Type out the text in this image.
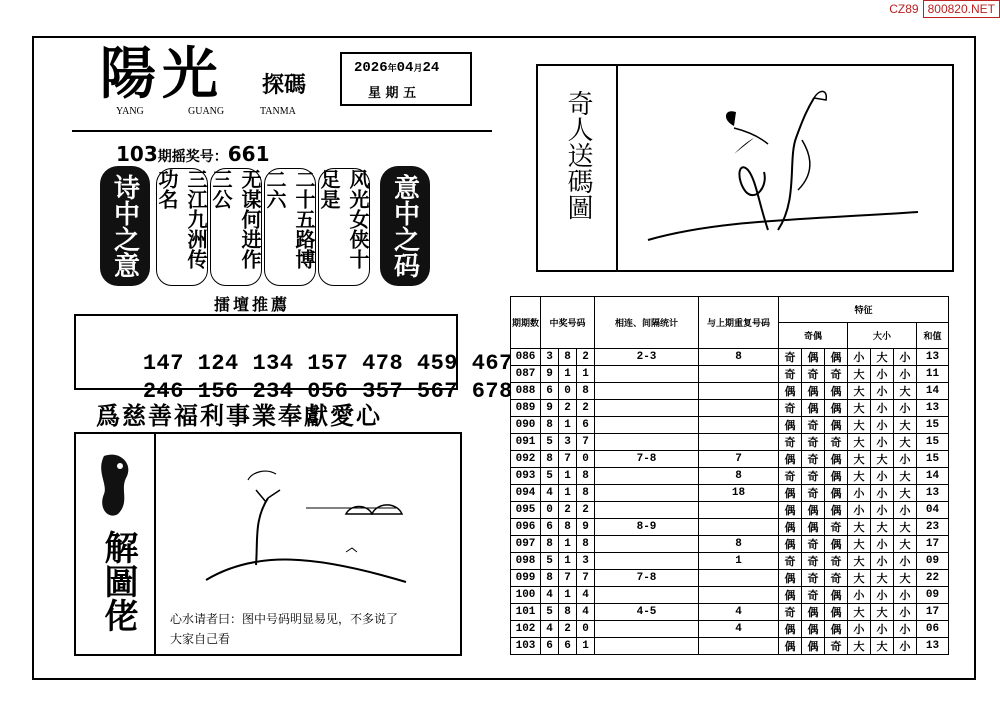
CZ89 800820.NET
陽光 探碼
YANG	GUANG	TANMA
2026年04月24
星 期 五
103期摇奖号：661
诗中之意	三江九洲传功名	无谋何进作三公	二十五路博二六	风光女侠十足是	意中之码
擂壇推薦

147 124 134 157 478 459 467

246 156 234 056 357 567 678

爲慈善福利事業奉獻愛心
解圖佬	心水请者曰：图中号码明显易见，不多说了
大家自己看
奇人送碼圖
期期数	中奖号码			相连、间隔统计	与上期重复号码	特征						
						奇偶			大小			和值
086	3	8	2	2-3	8	奇	偶	偶	小	大	小	13
087	9	1	1			奇	奇	奇	大	小	小	11
088	6	0	8			偶	偶	偶	大	小	大	14
089	9	2	2			奇	偶	偶	大	小	小	13
090	8	1	6			偶	奇	偶	大	小	大	15
091	5	3	7			奇	奇	奇	大	小	大	15
092	8	7	0	7-8	7	偶	奇	偶	大	大	小	15
093	5	1	8		8	奇	奇	偶	大	小	大	14
094	4	1	8		18	偶	奇	偶	小	小	大	13
095	0	2	2			偶	偶	偶	小	小	小	04
096	6	8	9	8-9		偶	偶	奇	大	大	大	23
097	8	1	8		8	偶	奇	偶	大	小	大	17
098	5	1	3		1	奇	奇	奇	大	小	小	09
099	8	7	7	7-8		偶	奇	奇	大	大	大	22
100	4	1	4			偶	奇	偶	小	小	小	09
101	5	8	4	4-5	4	奇	偶	偶	大	大	小	17
102	4	2	0		4	偶	偶	偶	小	小	小	06
103	6	6	1			偶	偶	奇	大	大	小	13
